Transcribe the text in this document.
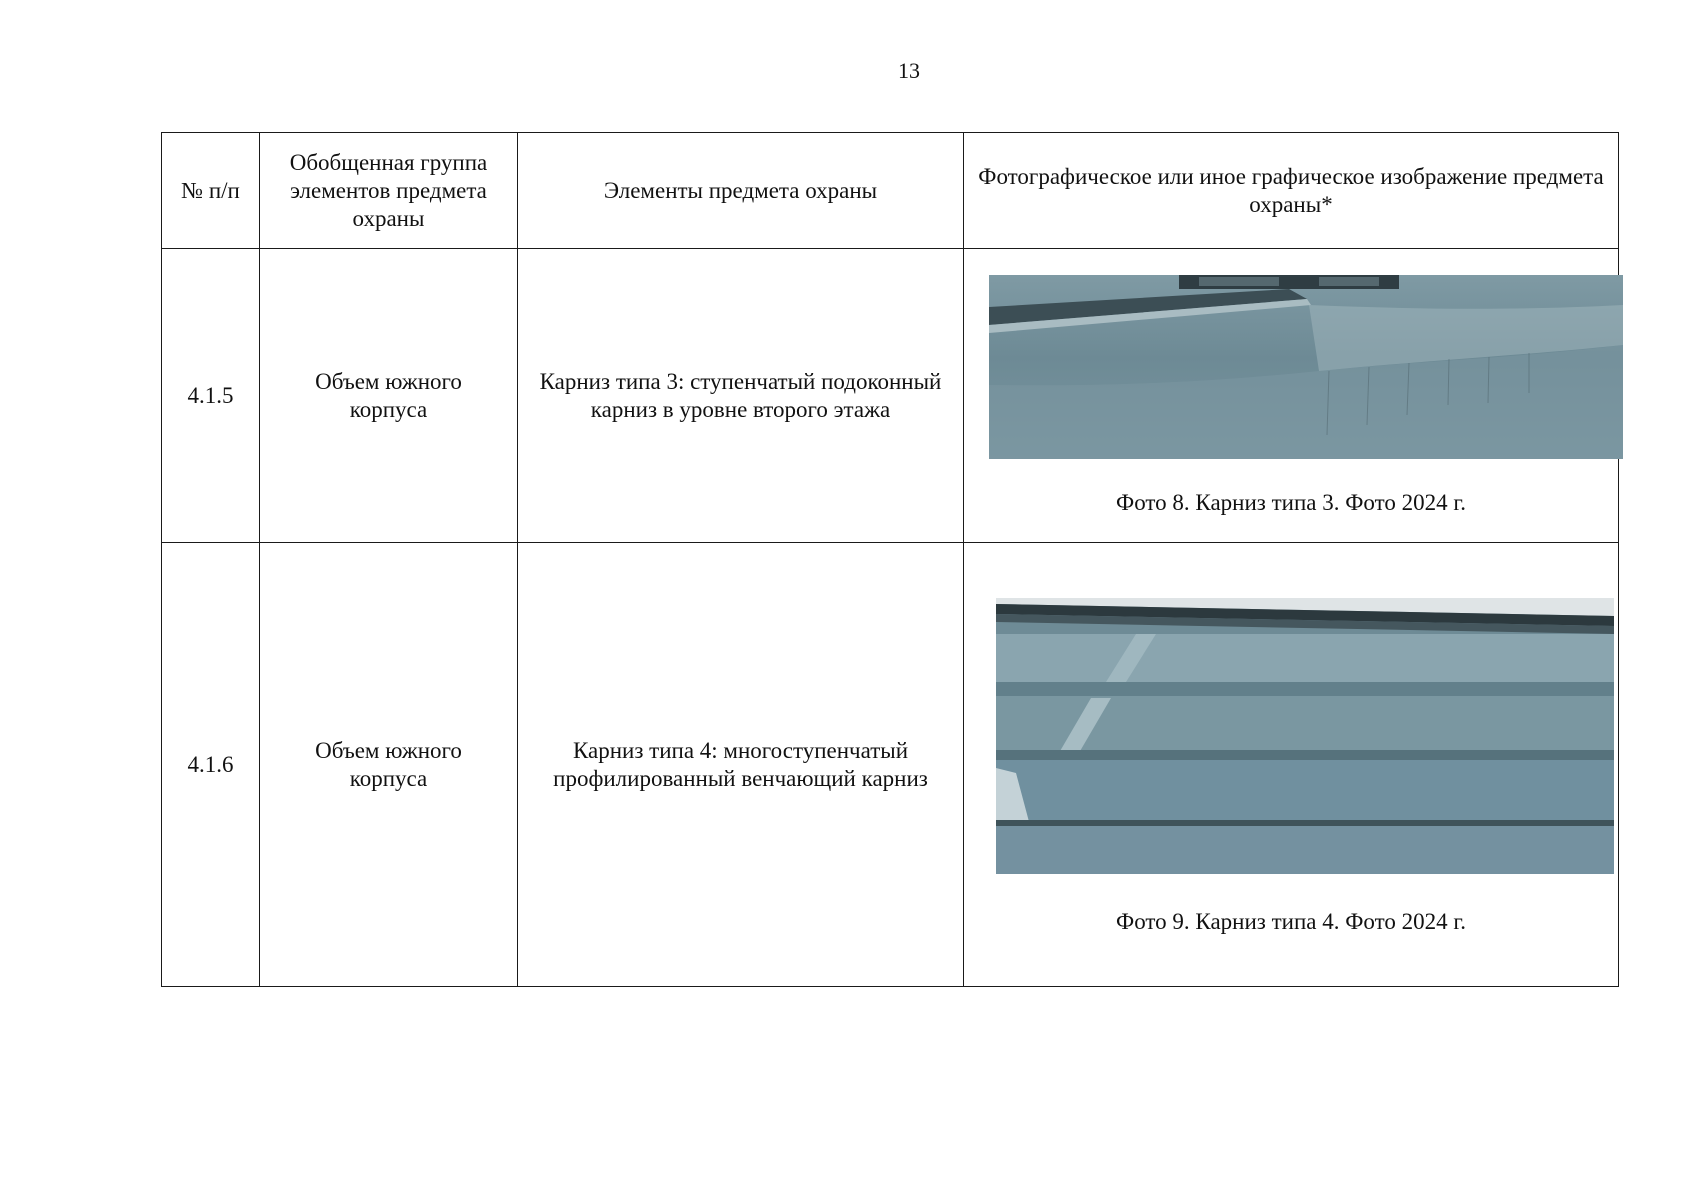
13
№ п/п	Обобщенная группа элементов предмета охраны	Элементы предмета охраны	Фотографическое или иное графическое изображение предмета охраны*
4.1.5	Объем южного корпуса	Карниз типа 3: ступенчатый подоконный карниз в уровне второго этажа	Фото 8. Карниз типа 3. Фото 2024 г.

4.1.6	Объем южного корпуса	Карниз типа 4: многоступенчатый профилированный венчающий карниз	Фото 9. Карниз типа 4. Фото 2024 г.
